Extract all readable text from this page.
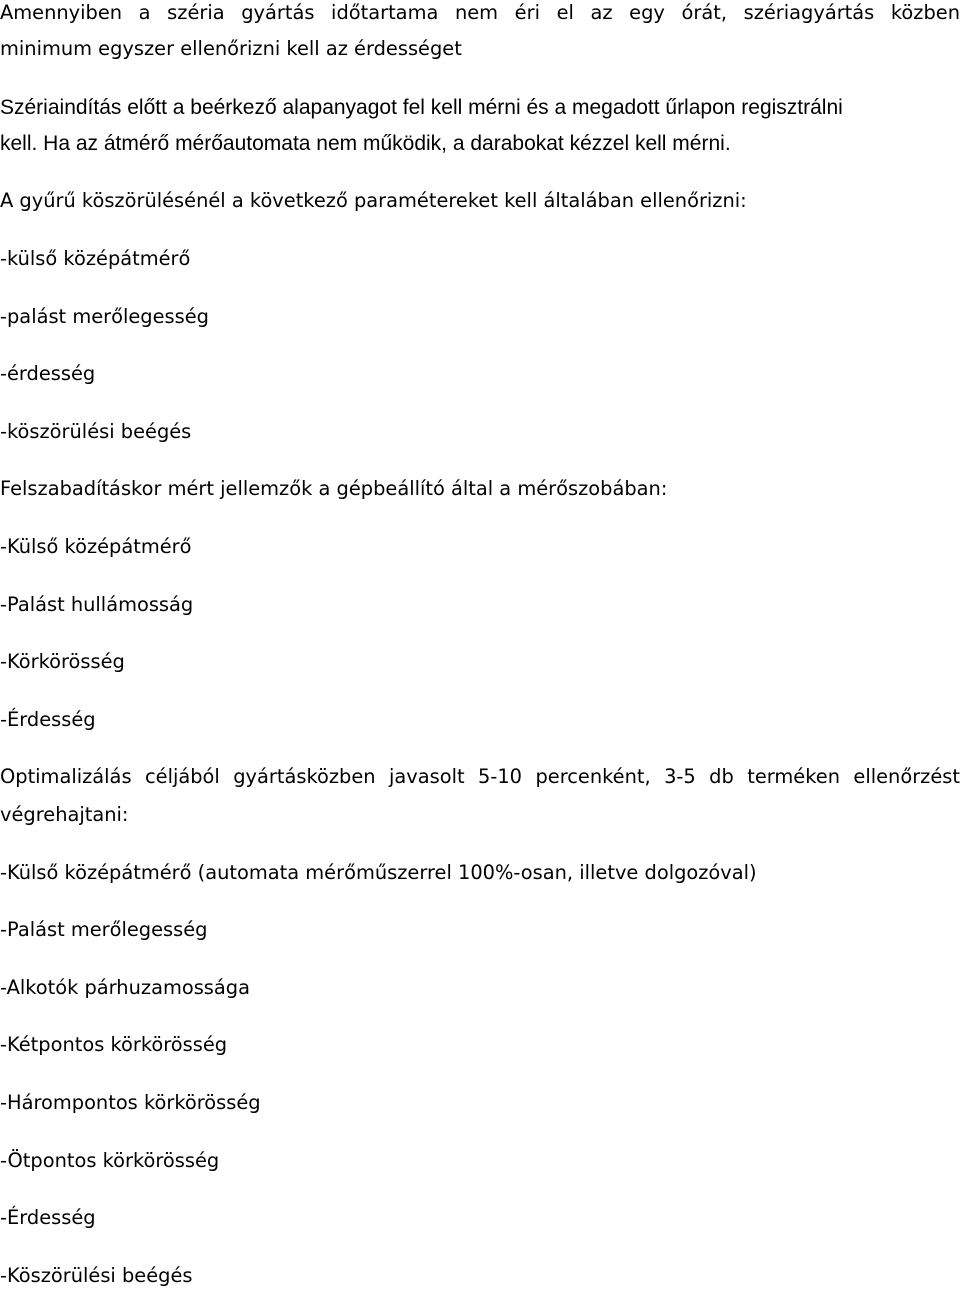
Amennyiben a széria gyártás időtartama nem éri el az egy órát, szériagyártás közben
minimum egyszer ellenőrizni kell az érdességet
Szériaindítás előtt a beérkező alapanyagot fel kell mérni és a megadott űrlapon regisztrálni
kell. Ha az átmérő mérőautomata nem működik, a darabokat kézzel kell mérni.
A gyűrű köszörülésénél a következő paramétereket kell általában ellenőrizni:
-külső középátmérő
-palást merőlegesség
-érdesség
-köszörülési beégés
Felszabadításkor mért jellemzők a gépbeállító által a mérőszobában:
-Külső középátmérő
-Palást hullámosság
-Körkörösség
-Érdesség
Optimalizálás céljából gyártásközben javasolt 5-10 percenként, 3-5 db terméken ellenőrzést
végrehajtani:
-Külső középátmérő (automata mérőműszerrel 100%-osan, illetve dolgozóval)
-Palást merőlegesség
-Alkotók párhuzamossága
-Kétpontos körkörösség
-Hárompontos körkörösség
-Ötpontos körkörösség
-Érdesség
-Köszörülési beégés
